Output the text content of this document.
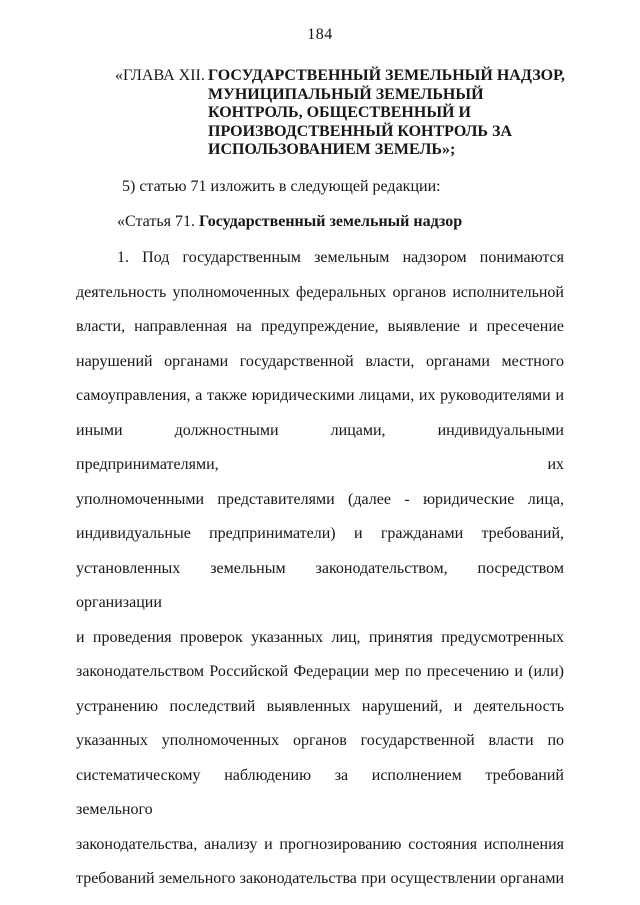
184
«ГЛАВА XII. ГОСУДАРСТВЕННЫЙ ЗЕМЕЛЬНЫЙ НАДЗОР,
МУНИЦИПАЛЬНЫЙ ЗЕМЕЛЬНЫЙ
КОНТРОЛЬ, ОБЩЕСТВЕННЫЙ И
ПРОИЗВОДСТВЕННЫЙ КОНТРОЛЬ ЗА
ИСПОЛЬЗОВАНИЕМ ЗЕМЕЛЬ»;
5) статью 71 изложить в следующей редакции:
«Статья 71. Государственный земельный надзор
1. Под государственным земельным надзором понимаются
деятельность уполномоченных федеральных органов исполнительной
власти, направленная на предупреждение, выявление и пресечение
нарушений органами государственной власти, органами местного
самоуправления, а также юридическими лицами, их руководителями и
иными должностными лицами, индивидуальными предпринимателями, их
уполномоченными представителями (далее - юридические лица,
индивидуальные предприниматели) и гражданами требований,
установленных земельным законодательством, посредством организации
и проведения проверок указанных лиц, принятия предусмотренных
законодательством Российской Федерации мер по пресечению и (или)
устранению последствий выявленных нарушений, и деятельность
указанных уполномоченных органов государственной власти по
систематическому наблюдению за исполнением требований земельного
законодательства, анализу и прогнозированию состояния исполнения
требований земельного законодательства при осуществлении органами
